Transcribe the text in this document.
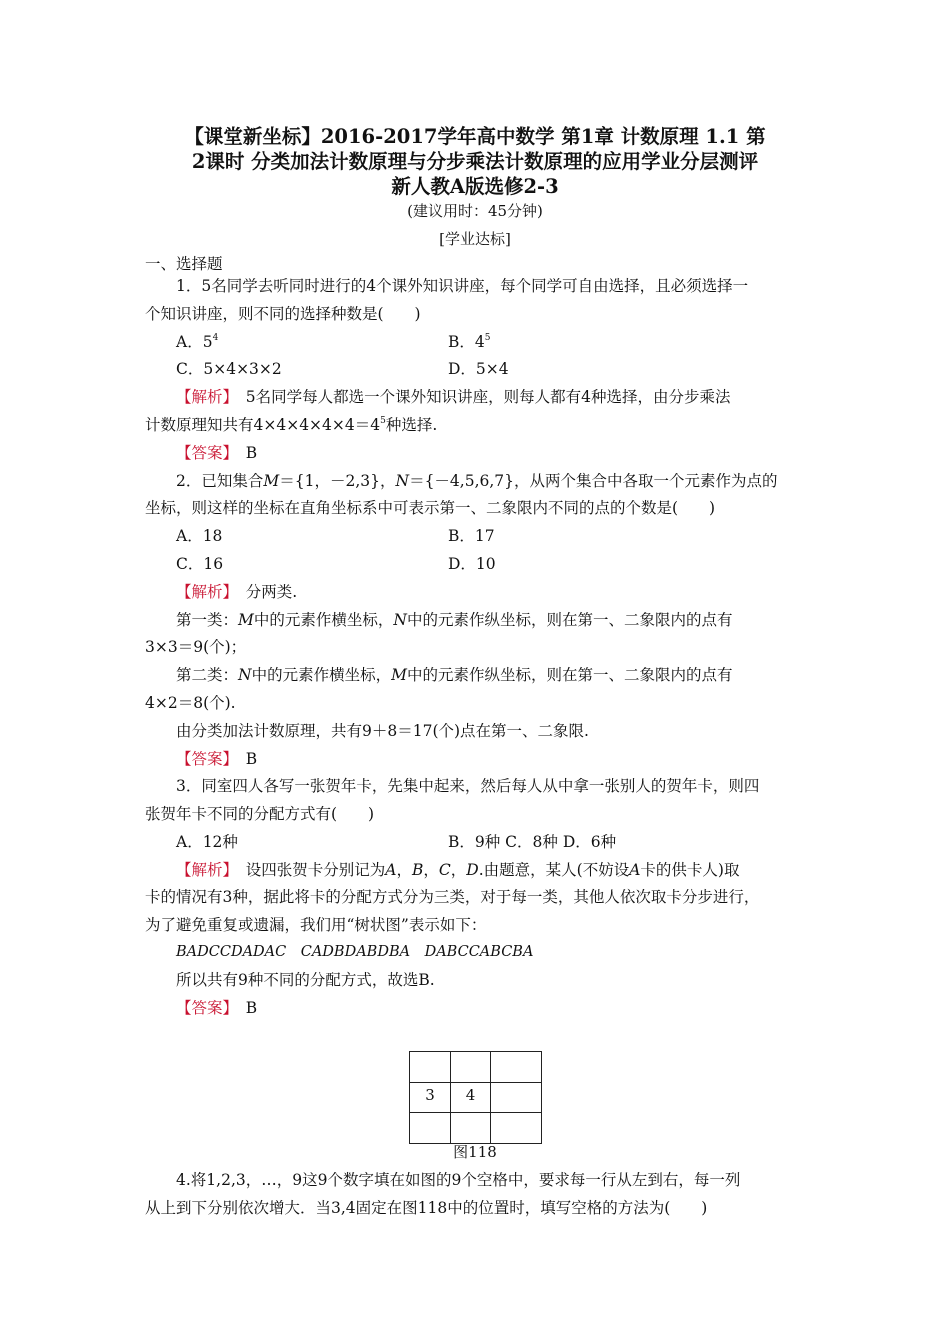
【课堂新坐标】2016-2017学年高中数学 第1章 计数原理 1.1 第
2课时 分类加法计数原理与分步乘法计数原理的应用学业分层测评
新人教A版选修2-3
(建议用时：45分钟)
[学业达标]
一、选择题
1．5名同学去听同时进行的4个课外知识讲座，每个同学可自由选择，且必须选择一
个知识讲座，则不同的选择种数是(　　)
A．$5^4$	B．$4^5$
C．5×4×3×2	D．5×4
【解析】　5名同学每人都选一个课外知识讲座，则每人都有4种选择，由分步乘法
计数原理知共有$4\times 4\times 4\times 4\times 4=4^5$种选择.
【答案】　B
2．已知集合M＝{1，－2,3}，N＝{－4,5,6,7}，从两个集合中各取一个元素作为点的
坐标，则这样的坐标在直角坐标系中可表示第一、二象限内不同的点的个数是(　　)
A．18	B．17
C．16	D．10
【解析】　分两类.
第一类：M中的元素作横坐标，N中的元素作纵坐标，则在第一、二象限内的点有
3×3＝9(个)；
第二类：N中的元素作横坐标，M中的元素作纵坐标，则在第一、二象限内的点有
4×2＝8(个).
由分类加法计数原理，共有9＋8＝17(个)点在第一、二象限.
【答案】　B
3．同室四人各写一张贺年卡，先集中起来，然后每人从中拿一张别人的贺年卡，则四
张贺年卡不同的分配方式有(　　)
A．12种	B．9种 C．8种 D．6种
【解析】　设四张贺卡分别记为A，B，C，D.由题意，某人(不妨设A卡的供卡人)取
卡的情况有3种，据此将卡的分配方式分为三类，对于每一类，其他人依次取卡分步进行，
为了避免重复或遗漏，我们用“树状图”表示如下：
BADCCDADAC　CADBDABDBA　DABCCABCBA
所以共有9种不同的分配方式，故选B.
【答案】　B
3	4
图118
4.将1,2,3，…，9这9个数字填在如图的9个空格中，要求每一行从左到右，每一列
从上到下分别依次增大．当3,4固定在图118中的位置时，填写空格的方法为(　　)
